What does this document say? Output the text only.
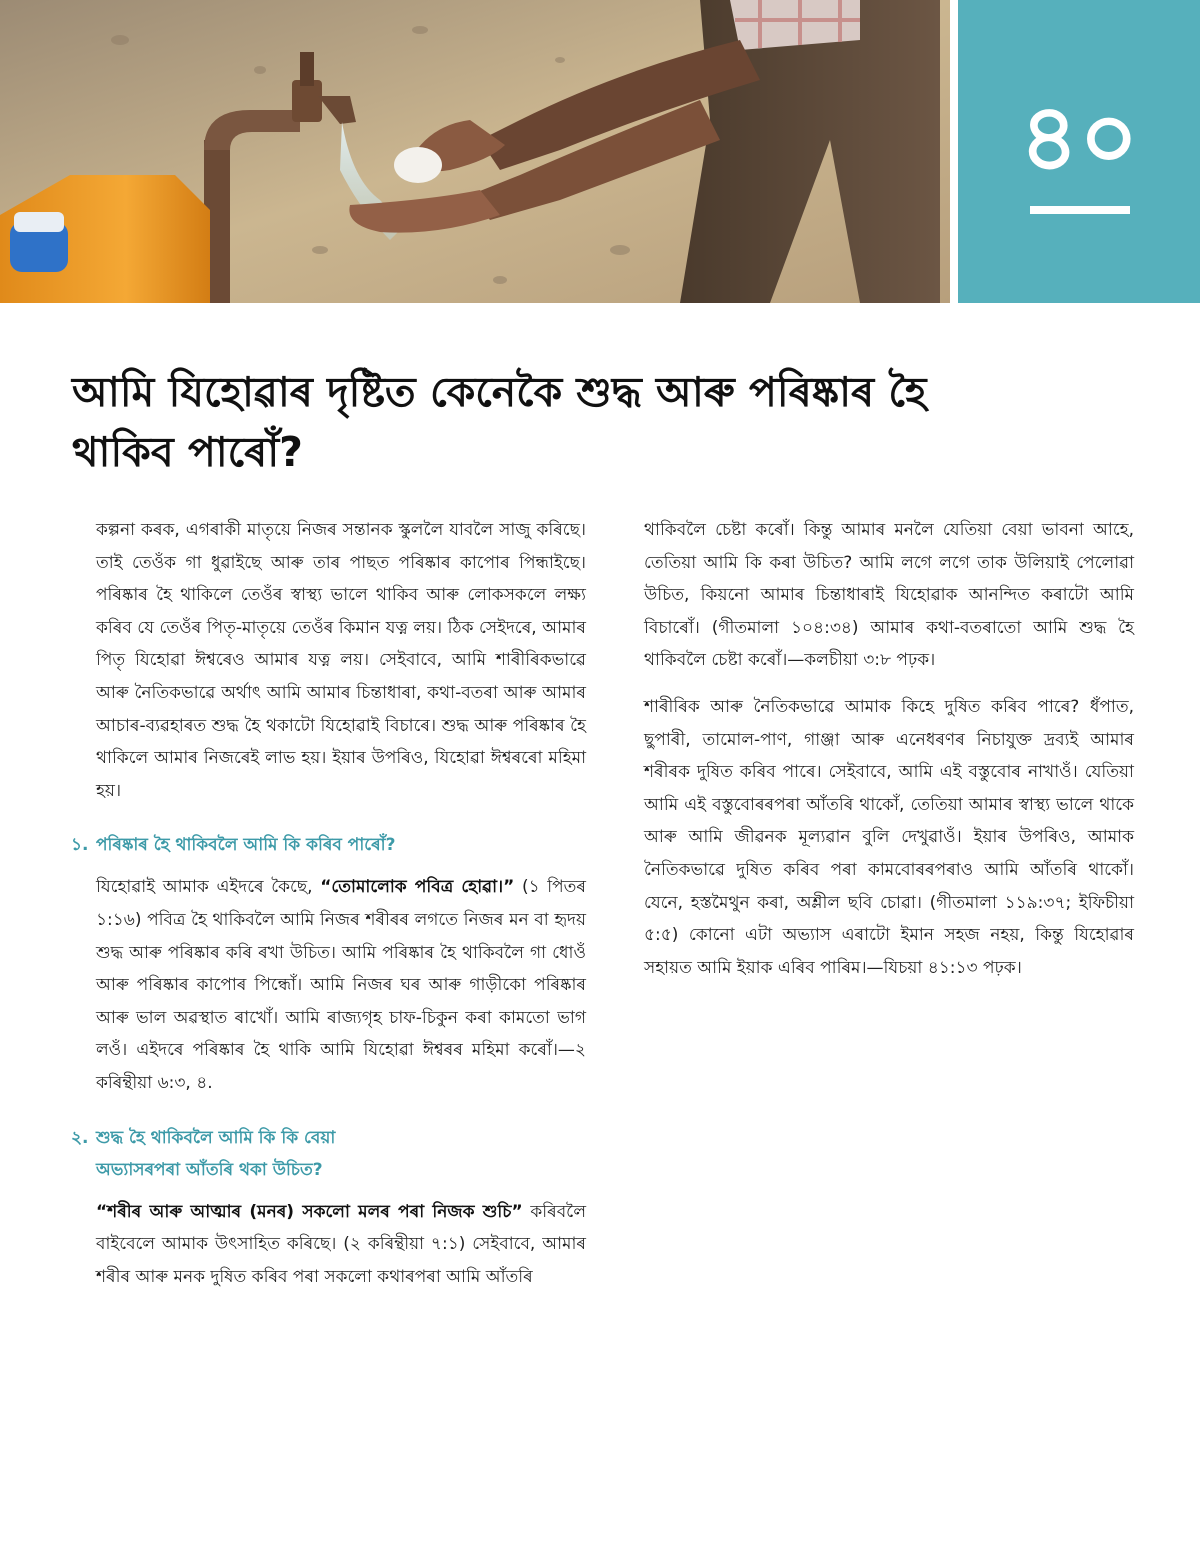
৪০
আমি যিহোৱাৰ দৃষ্টিত কেনেকৈ শুদ্ধ আৰু পৰিষ্কাৰ হৈ থাকিব পাৰোঁ?

কল্পনা কৰক, এগৰাকী মাতৃয়ে নিজৰ সন্তানক স্কুললৈ যাবলৈ সাজু কৰিছে। তাই তেওঁক গা ধুৱাইছে আৰু তাৰ পাছত পৰিষ্কাৰ কাপোৰ পিন্ধাইছে। পৰিষ্কাৰ হৈ থাকিলে তেওঁৰ স্বাস্থ্য ভালে থাকিব আৰু লোকসকলে লক্ষ্য কৰিব যে তেওঁৰ পিতৃ-মাতৃয়ে তেওঁৰ কিমান যত্ন লয়। ঠিক সেইদৰে, আমাৰ পিতৃ যিহোৱা ঈশ্বৰেও আমাৰ যত্ন লয়। সেইবাবে, আমি শাৰীৰিকভাৱে আৰু নৈতিকভাৱে অৰ্থাৎ আমি আমাৰ চিন্তাধাৰা, কথা-বতৰা আৰু আমাৰ আচাৰ-ব্যৱহাৰত শুদ্ধ হৈ থকাটো যিহোৱাই বিচাৰে। শুদ্ধ আৰু পৰিষ্কাৰ হৈ থাকিলে আমাৰ নিজৰেই লাভ হয়। ইয়াৰ উপৰিও, যিহোৱা ঈশ্বৰৰো মহিমা হয়।

১. পৰিষ্কাৰ হৈ থাকিবলৈ আমি কি কৰিব পাৰোঁ?

যিহোৱাই আমাক এইদৰে কৈছে, “তোমালোক পবিত্ৰ হোৱা।” (১ পিতৰ ১:১৬) পবিত্ৰ হৈ থাকিবলৈ আমি নিজৰ শৰীৰৰ লগতে নিজৰ মন বা হৃদয় শুদ্ধ আৰু পৰিষ্কাৰ কৰি ৰখা উচিত। আমি পৰিষ্কাৰ হৈ থাকিবলৈ গা ধোওঁ আৰু পৰিষ্কাৰ কাপোৰ পিন্ধোঁ। আমি নিজৰ ঘৰ আৰু গাড়ীকো পৰিষ্কাৰ আৰু ভাল অৱস্থাত ৰাখোঁ। আমি ৰাজ্যগৃহ চাফ-চিকুন কৰা কামতো ভাগ লওঁ। এইদৰে পৰিষ্কাৰ হৈ থাকি আমি যিহোৱা ঈশ্বৰৰ মহিমা কৰোঁ।—২ কৰিন্থীয়া ৬:৩, ৪.

২. শুদ্ধ হৈ থাকিবলৈ আমি কি কি বেয়া
অভ্যাসৰপৰা আঁতৰি থকা উচিত?

“শৰীৰ আৰু আত্মাৰ (মনৰ) সকলো মলৰ পৰা নিজক শুচি” কৰিবলৈ বাইবেলে আমাক উৎসাহিত কৰিছে। (২ কৰিন্থীয়া ৭:১) সেইবাবে, আমাৰ শৰীৰ আৰু মনক দুষিত কৰিব পৰা সকলো কথাৰপৰা আমি আঁতৰি

থাকিবলৈ চেষ্টা কৰোঁ। কিন্তু আমাৰ মনলৈ যেতিয়া বেয়া ভাবনা আহে, তেতিয়া আমি কি কৰা উচিত? আমি লগে লগে তাক উলিয়াই পেলোৱা উচিত, কিয়নো আমাৰ চিন্তাধাৰাই যিহোৱাক আনন্দিত কৰাটো আমি বিচাৰোঁ। (গীতমালা ১০৪:৩৪) আমাৰ কথা-বতৰাতো আমি শুদ্ধ হৈ থাকিবলৈ চেষ্টা কৰোঁ।—কলচীয়া ৩:৮ পঢ়ক।

শাৰীৰিক আৰু নৈতিকভাৱে আমাক কিহে দুষিত কৰিব পাৰে? ধঁপাত, ছুপাৰী, তামোল-পাণ, গাঞ্জা আৰু এনেধৰণৰ নিচাযুক্ত দ্ৰব্যই আমাৰ শৰীৰক দুষিত কৰিব পাৰে। সেইবাবে, আমি এই বস্তুবোৰ নাখাওঁ। যেতিয়া আমি এই বস্তুবোৰৰপৰা আঁতৰি থাকোঁ, তেতিয়া আমাৰ স্বাস্থ্য ভালে থাকে আৰু আমি জীৱনক মূল্যৱান বুলি দেখুৱাওঁ। ইয়াৰ উপৰিও, আমাক নৈতিকভাৱে দুষিত কৰিব পৰা কামবোৰৰপৰাও আমি আঁতৰি থাকোঁ। যেনে, হস্তমৈথুন কৰা, অশ্লীল ছবি চোৱা। (গীতমালা ১১৯:৩৭; ইফিচীয়া ৫:৫) কোনো এটা অভ্যাস এৰাটো ইমান সহজ নহয়, কিন্তু যিহোৱাৰ সহায়ত আমি ইয়াক এৰিব পাৰিম।—যিচয়া ৪১:১৩ পঢ়ক।
